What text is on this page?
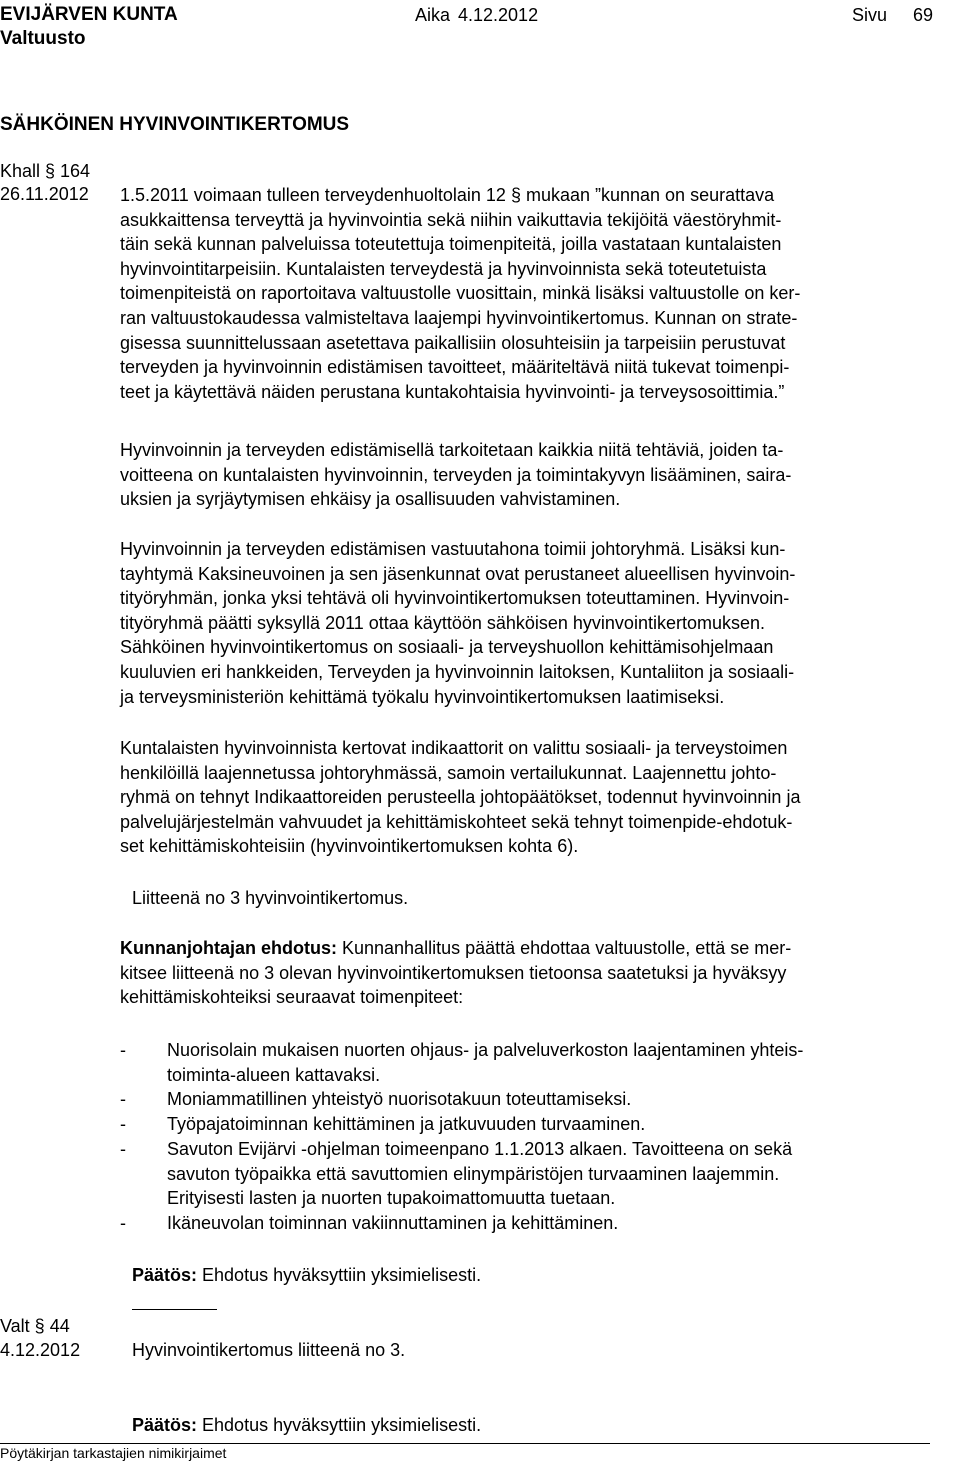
EVIJÄRVEN KUNTA	Aika 4.12.2012	Sivu 69
Valtuusto
SÄHKÖINEN HYVINVOINTIKERTOMUS
Khall § 164
26.11.2012 1.5.2011 voimaan tulleen terveydenhuoltolain 12 § mukaan ”kunnan on seurattava
asukkaittensa terveyttä ja hyvinvointia sekä niihin vaikuttavia tekijöitä väestöryhmit-
täin sekä kunnan palveluissa toteutettuja toimenpiteitä, joilla vastataan kuntalaisten
hyvinvointitarpeisiin. Kuntalaisten terveydestä ja hyvinvoinnista sekä toteutetuista
toimenpiteistä on raportoitava valtuustolle vuosittain, minkä lisäksi valtuustolle on ker-
ran valtuustokaudessa valmisteltava laajempi hyvinvointikertomus. Kunnan on strate-
gisessa suunnittelussaan asetettava paikallisiin olosuhteisiin ja tarpeisiin perustuvat
terveyden ja hyvinvoinnin edistämisen tavoitteet, määriteltävä niitä tukevat toimenpi-
teet ja käytettävä näiden perustana kuntakohtaisia hyvinvointi- ja terveysosoittimia.”
Hyvinvoinnin ja terveyden edistämisellä tarkoitetaan kaikkia niitä tehtäviä, joiden ta-
voitteena on kuntalaisten hyvinvoinnin, terveyden ja toimintakyvyn lisääminen, saira-
uksien ja syrjäytymisen ehkäisy ja osallisuuden vahvistaminen.
Hyvinvoinnin ja terveyden edistämisen vastuutahona toimii johtoryhmä. Lisäksi kun-
tayhtymä Kaksineuvoinen ja sen jäsenkunnat ovat perustaneet alueellisen hyvinvoin-
tityöryhmän, jonka yksi tehtävä oli hyvinvointikertomuksen toteuttaminen. Hyvinvoin-
tityöryhmä päätti syksyllä 2011 ottaa käyttöön sähköisen hyvinvointikertomuksen.
Sähköinen hyvinvointikertomus on sosiaali- ja terveyshuollon kehittämisohjelmaan
kuuluvien eri hankkeiden, Terveyden ja hyvinvoinnin laitoksen, Kuntaliiton ja sosiaali-
ja terveysministeriön kehittämä työkalu hyvinvointikertomuksen laatimiseksi.
Kuntalaisten hyvinvoinnista kertovat indikaattorit on valittu sosiaali- ja terveystoimen
henkilöillä laajennetussa johtoryhmässä, samoin vertailukunnat. Laajennettu johto-
ryhmä on tehnyt Indikaattoreiden perusteella johtopäätökset, todennut hyvinvoinnin ja
palvelujärjestelmän vahvuudet ja kehittämiskohteet sekä tehnyt toimenpide-ehdotuk-
set kehittämiskohteisiin (hyvinvointikertomuksen kohta 6).
Liitteenä no 3 hyvinvointikertomus.
Kunnanjohtajan ehdotus: Kunnanhallitus päättä ehdottaa valtuustolle, että se mer-
kitsee liitteenä no 3 olevan hyvinvointikertomuksen tietoonsa saatetuksi ja hyväksyy
kehittämiskohteiksi seuraavat toimenpiteet:
-	Nuorisolain mukaisen nuorten ohjaus- ja palveluverkoston laajentaminen yhteis-
toiminta-alueen kattavaksi.
-	Moniammatillinen yhteistyö nuorisotakuun toteuttamiseksi.
-	Työpajatoiminnan kehittäminen ja jatkuvuuden turvaaminen.
-	Savuton Evijärvi -ohjelman toimeenpano 1.1.2013 alkaen. Tavoitteena on sekä
savuton työpaikka että savuttomien elinympäristöjen turvaaminen laajemmin.
Erityisesti lasten ja nuorten tupakoimattomuutta tuetaan.
-	Ikäneuvolan toiminnan vakiinnuttaminen ja kehittäminen.
Päätös: Ehdotus hyväksyttiin yksimielisesti.
Valt § 44
4.12.2012	Hyvinvointikertomus liitteenä no 3.
Päätös: Ehdotus hyväksyttiin yksimielisesti.
Pöytäkirjan tarkastajien nimikirjaimet
